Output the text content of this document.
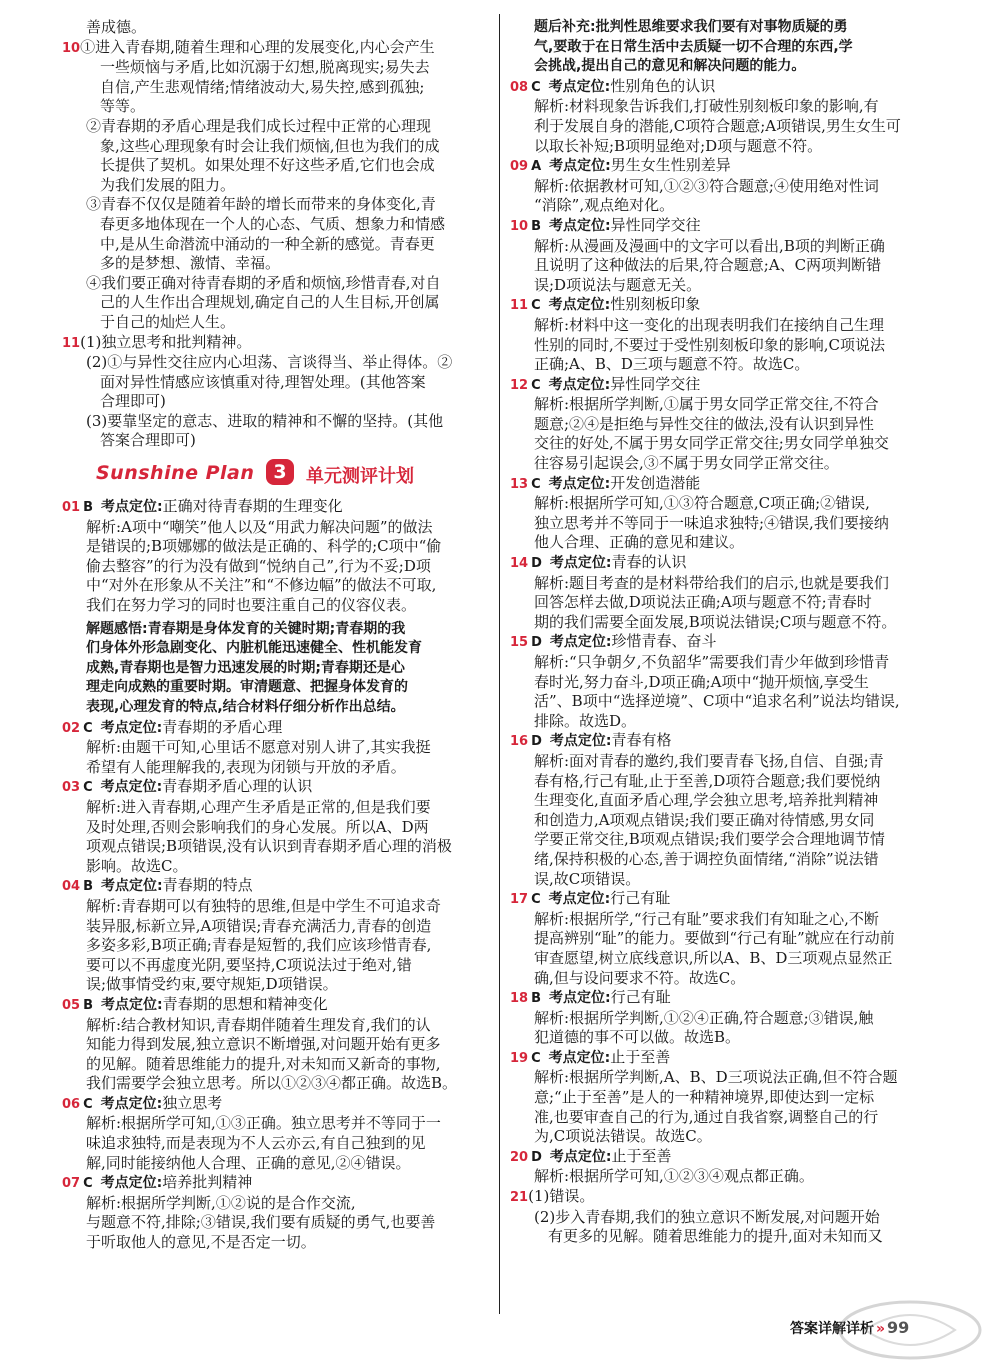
善成德。
10①进入青春期,随着生理和心理的发展变化,内心会产生
一些烦恼与矛盾,比如沉溺于幻想,脱离现实;易失去
自信,产生悲观情绪;情绪波动大,易失控,感到孤独;
等等。
②青春期的矛盾心理是我们成长过程中正常的心理现
象,这些心理现象有时会让我们烦恼,但也为我们的成
长提供了契机。如果处理不好这些矛盾,它们也会成
为我们发展的阻力。
③青春不仅仅是随着年龄的增长而带来的身体变化,青
春更多地体现在一个人的心态、气质、想象力和情感
中,是从生命潜流中涌动的一种全新的感觉。青春更
多的是梦想、激情、幸福。
④我们要正确对待青春期的矛盾和烦恼,珍惜青春,对自
己的人生作出合理规划,确定自己的人生目标,开创属
于自己的灿烂人生。
11(1)独立思考和批判精神。
(2)①与异性交往应内心坦荡、言谈得当、举止得体。②
面对异性情感应该慎重对待,理智处理。(其他答案
合理即可)
(3)要靠坚定的意志、进取的精神和不懈的坚持。(其他
答案合理即可)
Sunshine Plan 3	单元测评计划
01 B 考点定位:正确对待青春期的生理变化
解析:A项中“嘲笑”他人以及“用武力解决问题”的做法
是错误的;B项娜娜的做法是正确的、科学的;C项中“偷
偷去整容”的行为没有做到“悦纳自己”,行为不妥;D项
中“对外在形象从不关注”和“不修边幅”的做法不可取,
我们在努力学习的同时也要注重自己的仪容仪表。
解题感悟:青春期是身体发育的关键时期;青春期的我
们身体外形急剧变化、内脏机能迅速健全、性机能发育
成熟,青春期也是智力迅速发展的时期;青春期还是心
理走向成熟的重要时期。审清题意、把握身体发育的
表现,心理发育的特点,结合材料仔细分析作出总结。
02 C 考点定位:青春期的矛盾心理
解析:由题干可知,心里话不愿意对别人讲了,其实我挺
希望有人能理解我的,表现为闭锁与开放的矛盾。
03 C 考点定位:青春期矛盾心理的认识
解析:进入青春期,心理产生矛盾是正常的,但是我们要
及时处理,否则会影响我们的身心发展。所以A、D两
项观点错误;B项错误,没有认识到青春期矛盾心理的消极
影响。故选C。
04 B 考点定位:青春期的特点
解析:青春期可以有独特的思维,但是中学生不可追求奇
装异服,标新立异,A项错误;青春充满活力,青春的创造
多姿多彩,B项正确;青春是短暂的,我们应该珍惜青春,
要可以不再虚度光阴,要坚持,C项说法过于绝对,错
误;做事情受约束,要守规矩,D项错误。
05 B 考点定位:青春期的思想和精神变化
解析:结合教材知识,青春期伴随着生理发育,我们的认
知能力得到发展,独立意识不断增强,对问题开始有更多
的见解。随着思维能力的提升,对未知而又新奇的事物,
我们需要学会独立思考。所以①②③④都正确。故选B。
06 C 考点定位:独立思考
解析:根据所学可知,①③正确。独立思考并不等同于一
味追求独特,而是表现为不人云亦云,有自己独到的见
解,同时能接纳他人合理、正确的意见,②④错误。
07 C 考点定位:培养批判精神
解析:根据所学判断,①②说的是合作交流,
与题意不符,排除;③错误,我们要有质疑的勇气,也要善
于听取他人的意见,不是否定一切。
题后补充:批判性思维要求我们要有对事物质疑的勇
气,要敢于在日常生活中去质疑一切不合理的东西,学
会挑战,提出自己的意见和解决问题的能力。
08 C 考点定位:性别角色的认识
解析:材料现象告诉我们,打破性别刻板印象的影响,有
利于发展自身的潜能,C项符合题意;A项错误,男生女生可
以取长补短;B项明显绝对;D项与题意不符。
09 A 考点定位:男生女生性别差异
解析:依据教材可知,①②③符合题意;④使用绝对性词
“消除”,观点绝对化。
10 B 考点定位:异性同学交往
解析:从漫画及漫画中的文字可以看出,B项的判断正确
且说明了这种做法的后果,符合题意;A、C两项判断错
误;D项说法与题意无关。
11 C 考点定位:性别刻板印象
解析:材料中这一变化的出现表明我们在接纳自己生理
性别的同时,不要过于受性别刻板印象的影响,C项说法
正确;A、B、D三项与题意不符。故选C。
12 C 考点定位:异性同学交往
解析:根据所学判断,①属于男女同学正常交往,不符合
题意;②④是拒绝与异性交往的做法,没有认识到异性
交往的好处,不属于男女同学正常交往;男女同学单独交
往容易引起误会,③不属于男女同学正常交往。
13 C 考点定位:开发创造潜能
解析:根据所学可知,①③符合题意,C项正确;②错误,
独立思考并不等同于一味追求独特;④错误,我们要接纳
他人合理、正确的意见和建议。
14 D 考点定位:青春的认识
解析:题目考查的是材料带给我们的启示,也就是要我们
回答怎样去做,D项说法正确;A项与题意不符;青春时
期的我们需要全面发展,B项说法错误;C项与题意不符。
15 D 考点定位:珍惜青春、奋斗
解析:“只争朝夕,不负韶华”需要我们青少年做到珍惜青
春时光,努力奋斗,D项正确;A项中“抛开烦恼,享受生
活”、B项中“选择逆境”、C项中“追求名利”说法均错误,
排除。故选D。
16 D 考点定位:青春有格
解析:面对青春的邀约,我们要青春飞扬,自信、自强;青
春有格,行己有耻,止于至善,D项符合题意;我们要悦纳
生理变化,直面矛盾心理,学会独立思考,培养批判精神
和创造力,A项观点错误;我们要正确对待情感,男女同
学要正常交往,B项观点错误;我们要学会合理地调节情
绪,保持积极的心态,善于调控负面情绪,“消除”说法错
误,故C项错误。
17 C 考点定位:行己有耻
解析:根据所学,“行己有耻”要求我们有知耻之心,不断
提高辨别“耻”的能力。要做到“行己有耻”就应在行动前
审查愿望,树立底线意识,所以A、B、D三项观点显然正
确,但与设问要求不符。故选C。
18 B 考点定位:行己有耻
解析:根据所学判断,①②④正确,符合题意;③错误,触
犯道德的事不可以做。故选B。
19 C 考点定位:止于至善
解析:根据所学判断,A、B、D三项说法正确,但不符合题
意;“止于至善”是人的一种精神境界,即使达到一定标
准,也要审查自己的行为,通过自我省察,调整自己的行
为,C项说法错误。故选C。
20 D 考点定位:止于至善
解析:根据所学可知,①②③④观点都正确。
21(1)错误。
(2)步入青春期,我们的独立意识不断发展,对问题开始
有更多的见解。随着思维能力的提升,面对未知而又
答案详解详析 » 99
